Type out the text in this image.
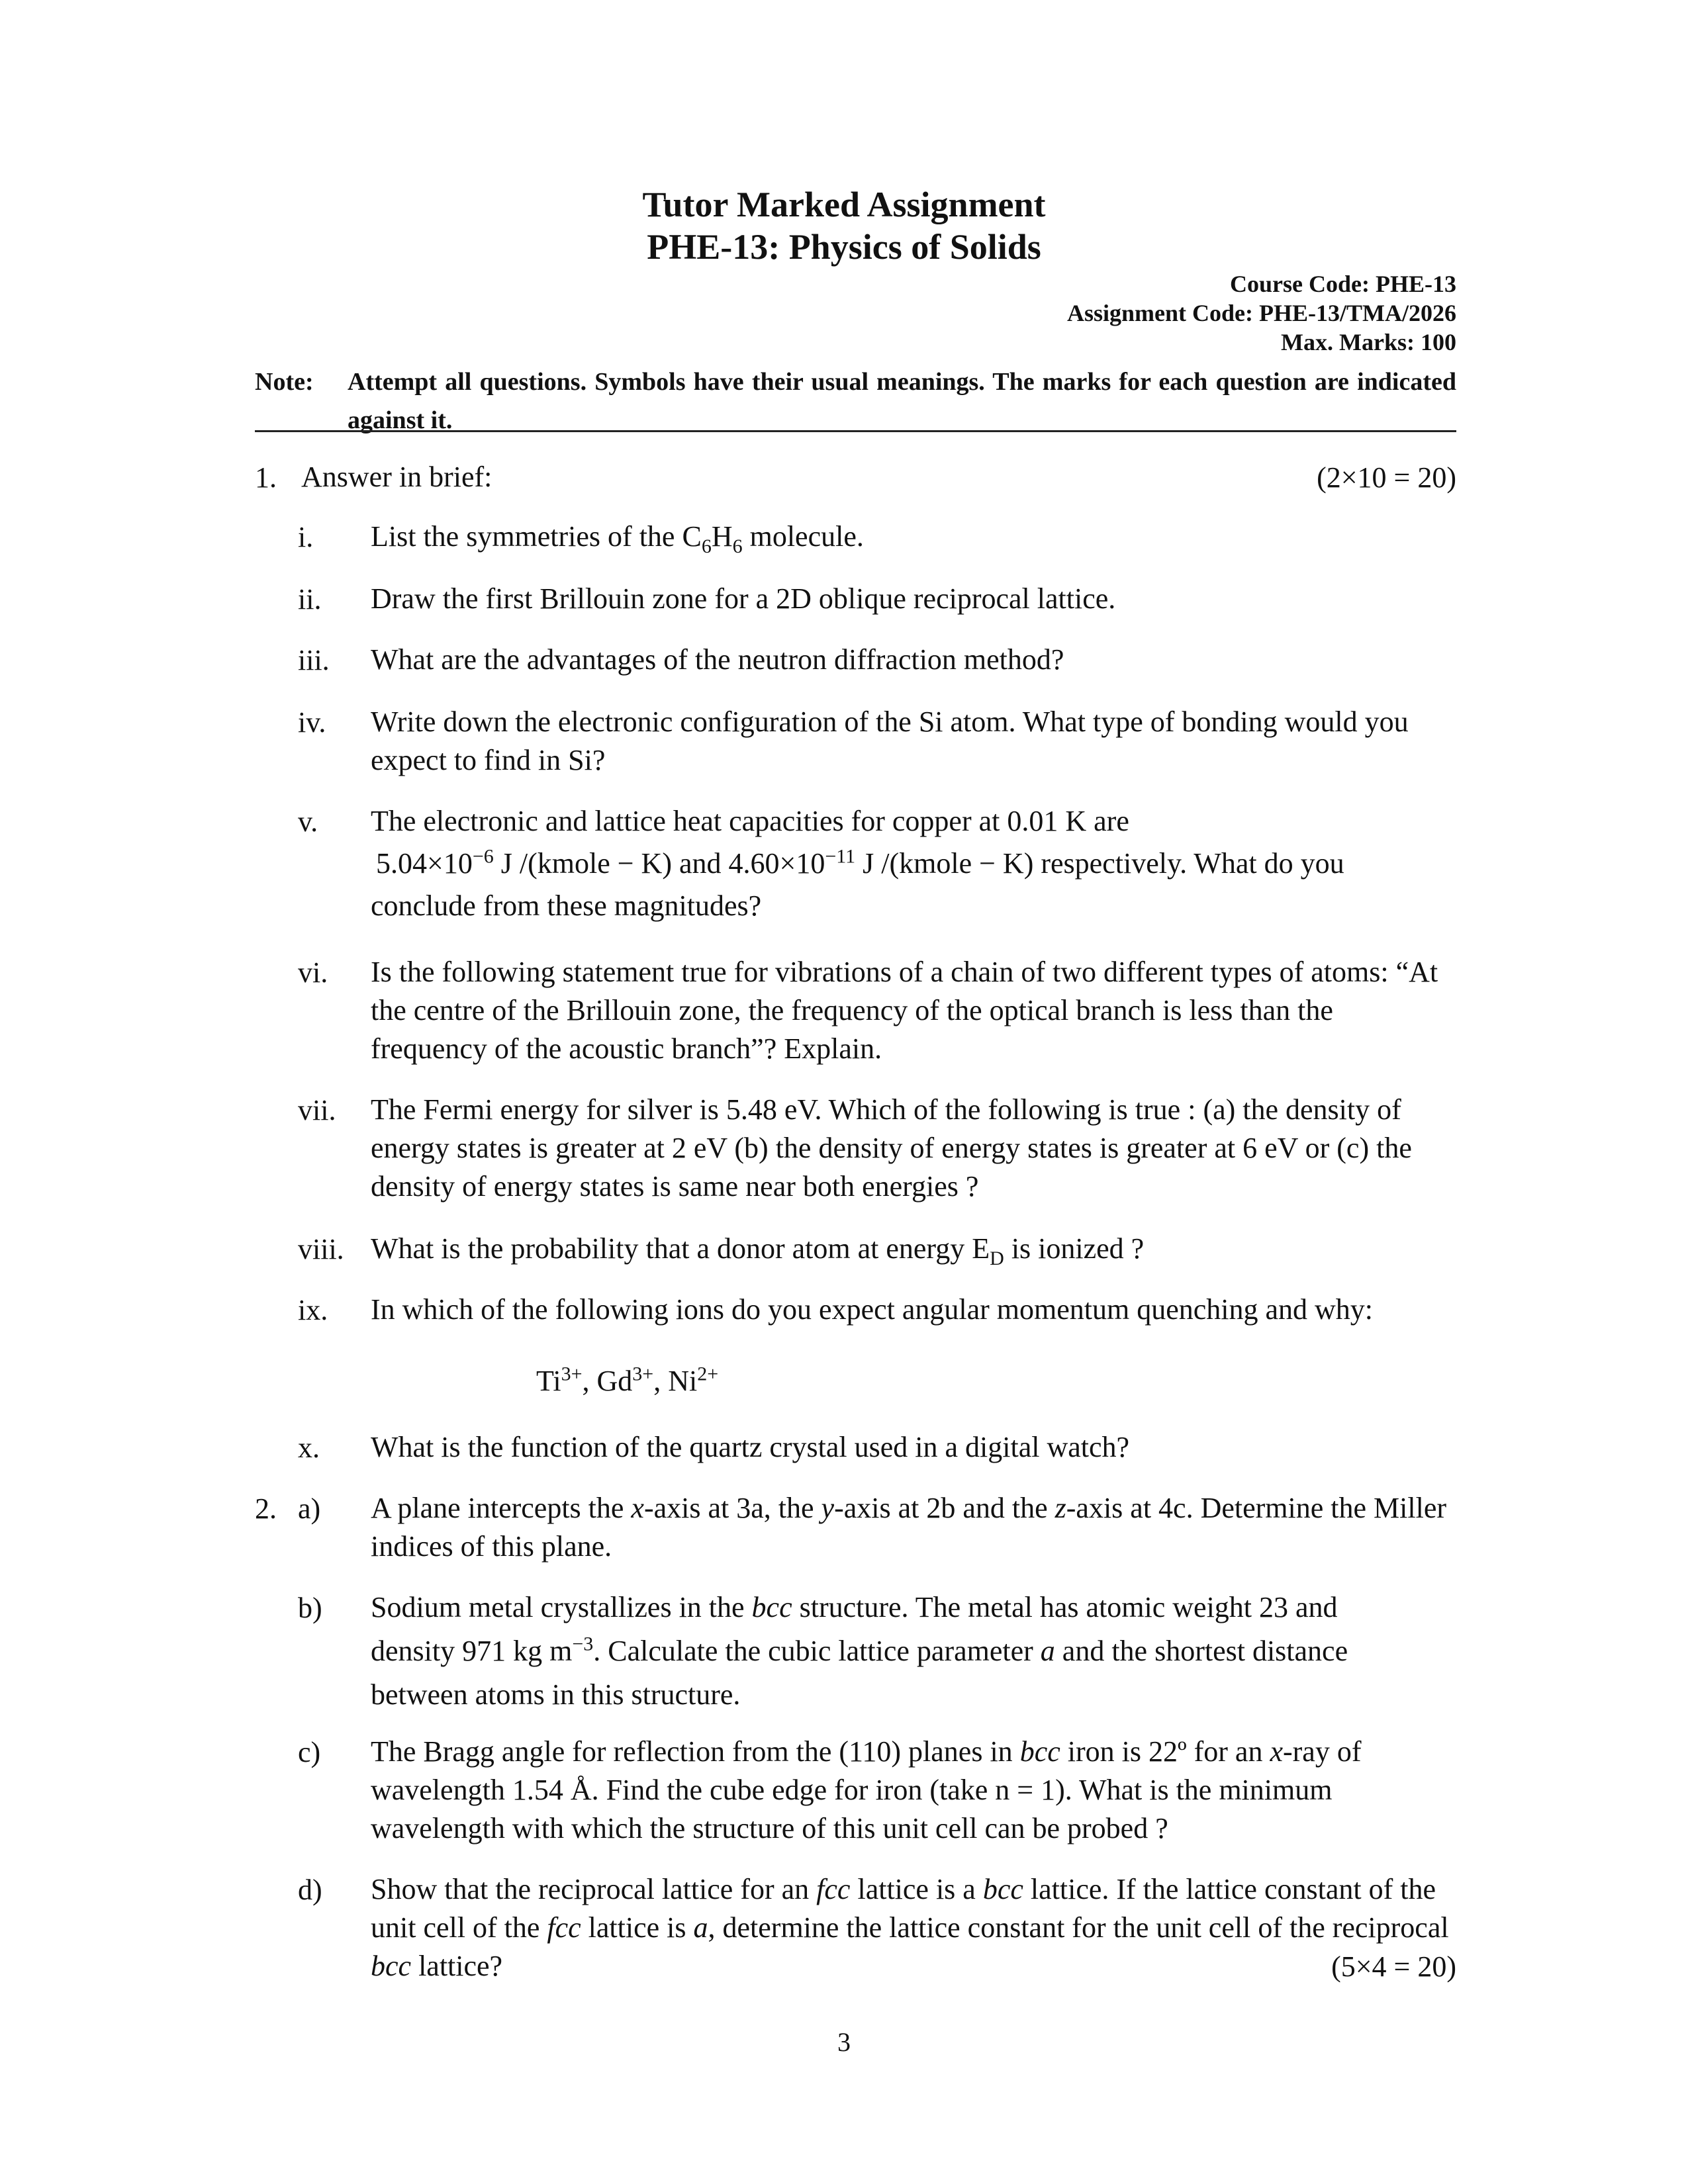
Tutor Marked Assignment
PHE-13: Physics of Solids
Course Code: PHE-13
Assignment Code: PHE-13/TMA/2026
Max. Marks: 100
Note: Attempt all questions. Symbols have their usual meanings. The marks for each question are indicated against it.
1. Answer in brief:	(2×10 = 20)
i. List the symmetries of the $C_6H_6$ molecule.
ii. Draw the first Brillouin zone for a 2D oblique reciprocal lattice.
iii. What are the advantages of the neutron diffraction method?
iv. Write down the electronic configuration of the Si atom. What type of bonding would you expect to find in Si?
v. The electronic and lattice heat capacities for copper at 0.01 K are
$5.04\times 10^{-6}$ J /(kmole − K) and $4.60\times 10^{-11}$ J /(kmole − K) respectively. What do you
conclude from these magnitudes?
vi. Is the following statement true for vibrations of a chain of two different types of atoms: “At the centre of the Brillouin zone, the frequency of the optical branch is less than the frequency of the acoustic branch”? Explain.
vii. The Fermi energy for silver is 5.48 eV. Which of the following is true : (a) the density of energy states is greater at 2 eV (b) the density of energy states is greater at 6 eV or (c) the density of energy states is same near both energies ?
viii. What is the probability that a donor atom at energy $E_D$ is ionized ?
ix. In which of the following ions do you expect angular momentum quenching and why:
$Ti^{3+}$, $Gd^{3+}$, $Ni^{2+}$
x. What is the function of the quartz crystal used in a digital watch?
2. a) A plane intercepts the x-axis at 3a, the y-axis at 2b and the z-axis at 4c. Determine the Miller indices of this plane.
b) Sodium metal crystallizes in the bcc structure. The metal has atomic weight 23 and
density 971 kg $m^{-3}$. Calculate the cubic lattice parameter a and the shortest distance
between atoms in this structure.
c) The Bragg angle for reflection from the (110) planes in bcc iron is 22º for an x-ray of wavelength 1.54 Å. Find the cube edge for iron (take n = 1). What is the minimum wavelength with which the structure of this unit cell can be probed ?
d) Show that the reciprocal lattice for an fcc lattice is a bcc lattice. If the lattice constant of the unit cell of the fcc lattice is a, determine the lattice constant for the unit cell of the reciprocal bcc lattice?	(5×4 = 20)
3
